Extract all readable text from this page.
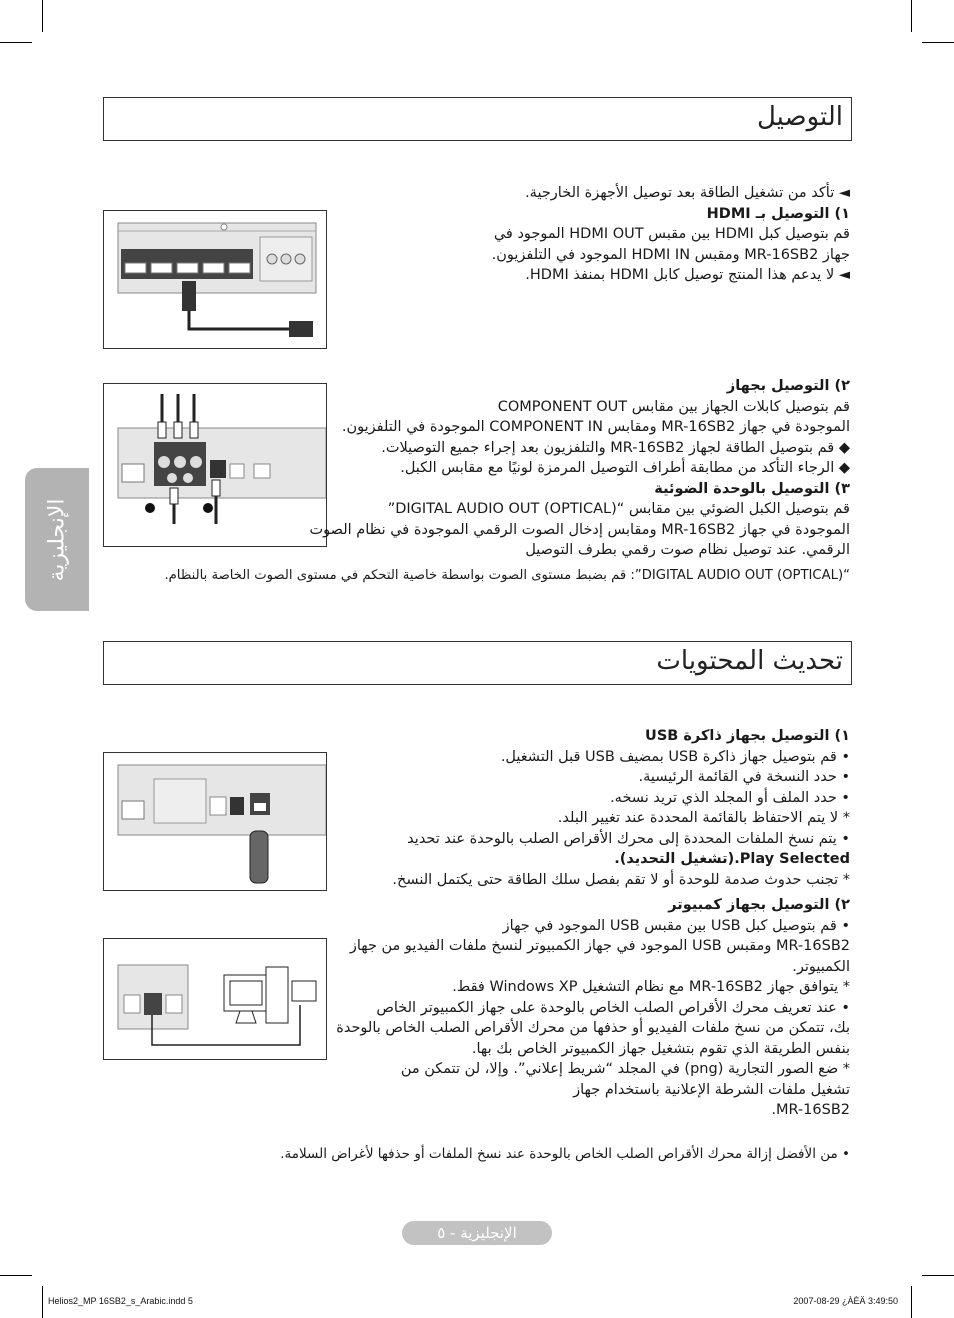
التوصيل
◄ تأكد من تشغيل الطاقة بعد توصيل الأجهزة الخارجية.
١) التوصيل بـ HDMI
قم بتوصيل كبل HDMI بين مقبس HDMI OUT الموجود في
جهاز MR-16SB2 ومقبس HDMI IN الموجود في التلفزيون.
◄ لا يدعم هذا المنتج توصيل كابل HDMI بمنفذ HDMI.
٢) التوصيل بجهاز
قم بتوصيل كابلات الجهاز بين مقابس COMPONENT OUT
الموجودة في جهاز MR-16SB2 ومقابس COMPONENT IN الموجودة في التلفزيون.
◆ قم بتوصيل الطاقة لجهاز MR-16SB2 والتلفزيون بعد إجراء جميع التوصيلات.
◆ الرجاء التأكد من مطابقة أطراف التوصيل المرمزة لونيًا مع مقابس الكبل.
٣) التوصيل بالوحدة الضوئية
قم بتوصيل الكبل الضوئي بين مقابس “DIGITAL AUDIO OUT (OPTICAL)”
الموجودة في جهاز MR-16SB2 ومقابس إدخال الصوت الرقمي الموجودة في نظام الصوت
الرقمي. عند توصيل نظام صوت رقمي بطرف التوصيل
“DIGITAL AUDIO OUT (OPTICAL)”: قم بضبط مستوى الصوت بواسطة خاصية التحكم في مستوى الصوت الخاصة بالنظام.
الإنجليزية
تحديث المحتويات
١) التوصيل بجهاز ذاكرة USB
• قم بتوصيل جهاز ذاكرة USB بمضيف USB قبل التشغيل.
• حدد النسخة في القائمة الرئيسية.
• حدد الملف أو المجلد الذي تريد نسخه.
* لا يتم الاحتفاظ بالقائمة المحددة عند تغيير البلد.
• يتم نسخ الملفات المحددة إلى محرك الأقراص الصلب بالوحدة عند تحديد
Play Selected.(تشغيل التحديد).
* تجنب حدوث صدمة للوحدة أو لا تقم بفصل سلك الطاقة حتى يكتمل النسخ.
٢) التوصيل بجهاز كمبيوتر
• قم بتوصيل كبل USB بين مقبس USB الموجود في جهاز
MR-16SB2 ومقبس USB الموجود في جهاز الكمبيوتر لنسخ ملفات الفيديو من جهاز
الكمبيوتر.
* يتوافق جهاز MR-16SB2 مع نظام التشغيل Windows XP فقط.
• عند تعريف محرك الأقراص الصلب الخاص بالوحدة على جهاز الكمبيوتر الخاص
بك، تتمكن من نسخ ملفات الفيديو أو حذفها من محرك الأقراص الصلب الخاص بالوحدة
بنفس الطريقة الذي تقوم بتشغيل جهاز الكمبيوتر الخاص بك بها.
* ضع الصور التجارية (png) في المجلد “شريط إعلاني”. وإلا، لن تتمكن من
تشغيل ملفات الشرطة الإعلانية باستخدام جهاز
MR-16SB2.
• من الأفضل إزالة محرك الأقراص الصلب الخاص بالوحدة عند نسخ الملفات أو حذفها لأغراض السلامة.
الإنجليزية - ٥
Helios2_MP 16SB2_s_Arabic.indd 5	2007-08-29 ¿ÀÈÄ 3:49:50
